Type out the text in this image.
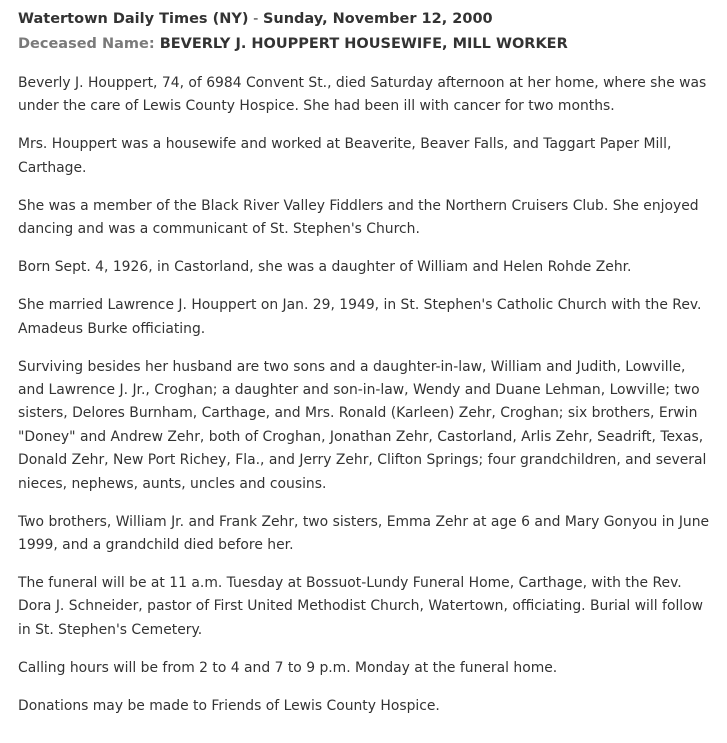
Watertown Daily Times (NY) - Sunday, November 12, 2000
Deceased Name: BEVERLY J. HOUPPERT HOUSEWIFE, MILL WORKER

Beverly J. Houppert, 74, of 6984 Convent St., died Saturday afternoon at her home, where she was under the care of Lewis County Hospice. She had been ill with cancer for two months.

Mrs. Houppert was a housewife and worked at Beaverite, Beaver Falls, and Taggart Paper Mill, Carthage.

She was a member of the Black River Valley Fiddlers and the Northern Cruisers Club. She enjoyed dancing and was a communicant of St. Stephen's Church.

Born Sept. 4, 1926, in Castorland, she was a daughter of William and Helen Rohde Zehr.

She married Lawrence J. Houppert on Jan. 29, 1949, in St. Stephen's Catholic Church with the Rev. Amadeus Burke officiating.

Surviving besides her husband are two sons and a daughter-in-law, William and Judith, Lowville, and Lawrence J. Jr., Croghan; a daughter and son-in-law, Wendy and Duane Lehman, Lowville; two sisters, Delores Burnham, Carthage, and Mrs. Ronald (Karleen) Zehr, Croghan; six brothers, Erwin "Doney" and Andrew Zehr, both of Croghan, Jonathan Zehr, Castorland, Arlis Zehr, Seadrift, Texas, Donald Zehr, New Port Richey, Fla., and Jerry Zehr, Clifton Springs; four grandchildren, and several nieces, nephews, aunts, uncles and cousins.

Two brothers, William Jr. and Frank Zehr, two sisters, Emma Zehr at age 6 and Mary Gonyou in June 1999, and a grandchild died before her.

The funeral will be at 11 a.m. Tuesday at Bossuot-Lundy Funeral Home, Carthage, with the Rev. Dora J. Schneider, pastor of First United Methodist Church, Watertown, officiating. Burial will follow in St. Stephen's Cemetery.

Calling hours will be from 2 to 4 and 7 to 9 p.m. Monday at the funeral home.

Donations may be made to Friends of Lewis County Hospice.
